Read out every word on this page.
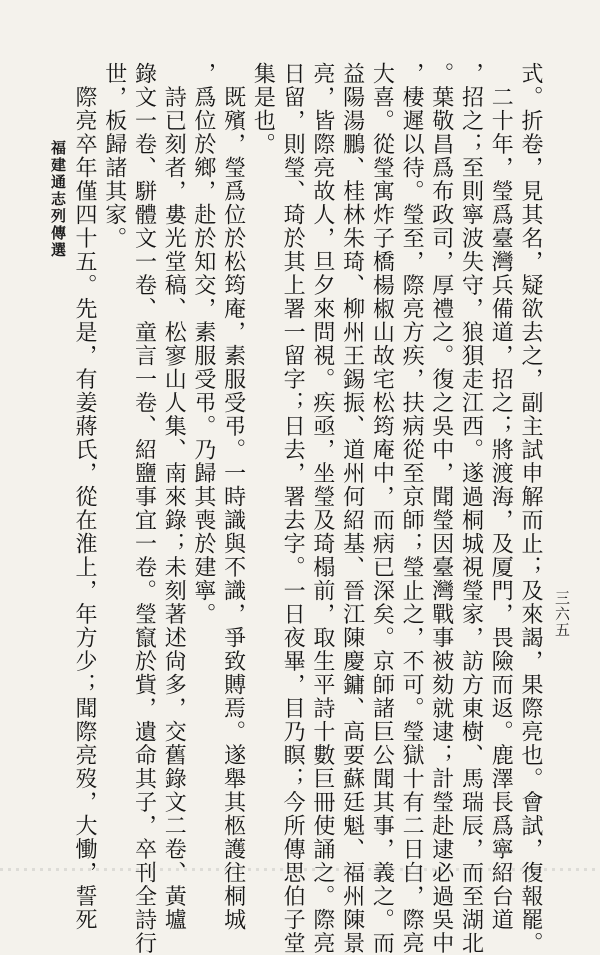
福建通志列傳選	式。折卷，見其名，疑欲去之，副主試申解而止；及來謁，果際亮也。會試，復報罷。
　二十年，瑩爲臺灣兵備道，招之；將渡海，及厦門，畏險而返。鹿澤長爲寧紹台道
，招之；至則寧波失守，狼狽走江西。遂過桐城視瑩家，訪方東樹、馬瑞辰，而至湖北
。葉敬昌爲布政司，厚禮之。復之吳中，聞瑩因臺灣戰事被劾就逮；計瑩赴逮必過吳中
，棲遲以待。瑩至，際亮方疾，扶病從至京師；瑩止之，不可。瑩獄十有二日白，際亮
大喜。從瑩寓炸子橋楊椒山故宅松筠庵中，而病已深矣。京師諸巨公聞其事，義之。而
益陽湯鵬、桂林朱琦、柳州王錫振、道州何紹基、晉江陳慶鏞、高要蘇廷魁、福州陳景
亮，皆際亮故人，旦夕來問視。疾亟，坐瑩及琦榻前，取生平詩十數巨冊使誦之。際亮
日留，則瑩、琦於其上署一留字；日去，署去字。一日夜畢，目乃瞑；今所傳思伯子堂
集是也。
　既殯，瑩爲位於松筠庵，素服受弔。一時識與不識，爭致賻焉。遂舉其柩護往桐城
，爲位於鄉，赴於知交，素服受弔。乃歸其喪於建寧。
　詩已刻者，婁光堂稿、松寥山人集、南來錄；未刻著述尙多，交舊錄文二卷、黃壚
錄文一卷、駢體文一卷、童言一卷、紹鹽事宜一卷。瑩竄於貲，遺命其子，卒刊全詩行
世，板歸諸其家。
　際亮卒年僅四十五。先是，有姜蔣氏，從在淮上，年方少；聞際亮歿，大慟，誓死	三六五
